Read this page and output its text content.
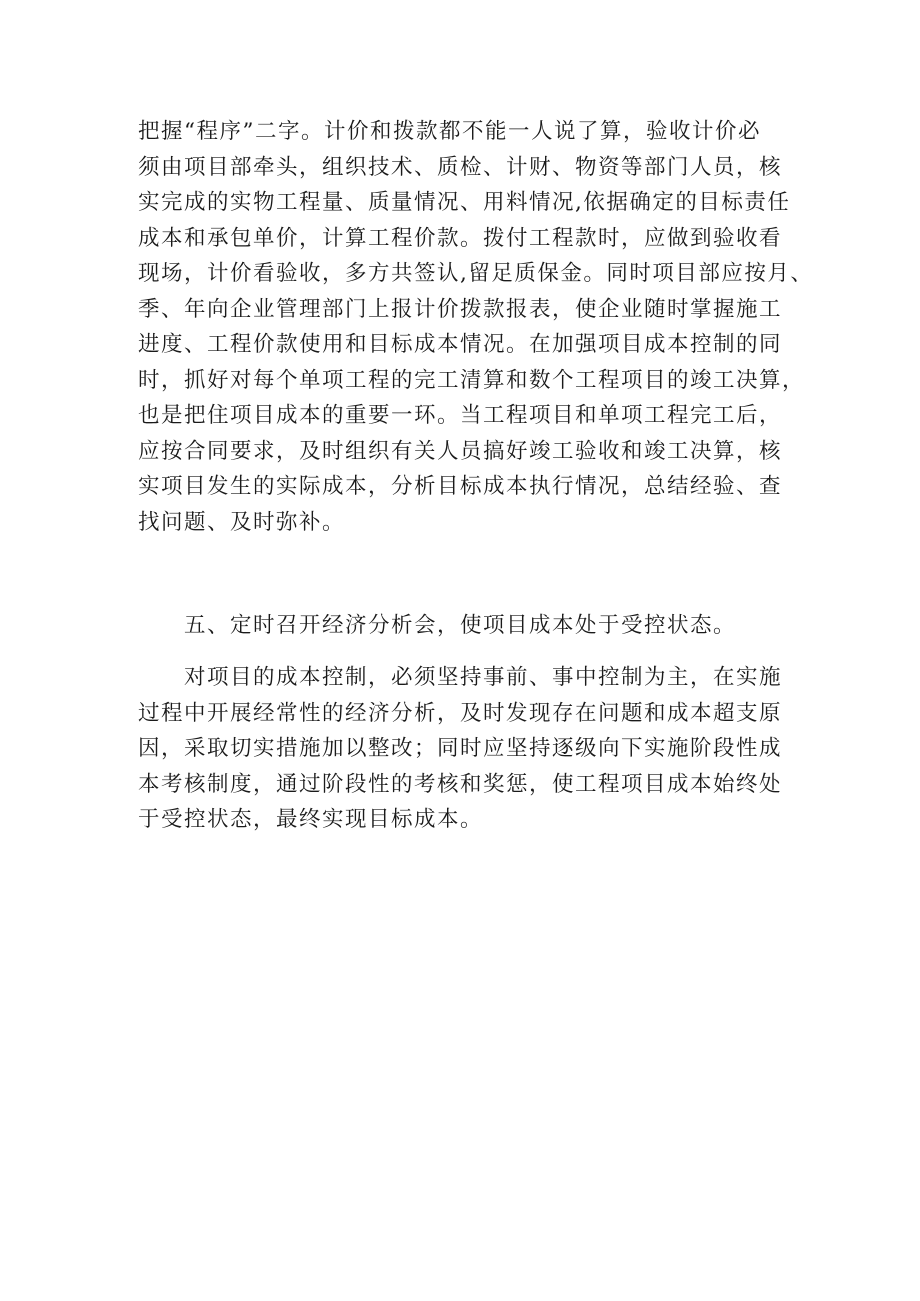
把握“程序”二字。计价和拨款都不能一人说了算，验收计价必
须由项目部牵头，组织技术、质检、计财、物资等部门人员，核
实完成的实物工程量、质量情况、用料情况,依据确定的目标责任
成本和承包单价，计算工程价款。拨付工程款时，应做到验收看
现场，计价看验收，多方共签认,留足质保金。同时项目部应按月、
季、年向企业管理部门上报计价拨款报表，使企业随时掌握施工
进度、工程价款使用和目标成本情况。在加强项目成本控制的同
时，抓好对每个单项工程的完工清算和数个工程项目的竣工决算，
也是把住项目成本的重要一环。当工程项目和单项工程完工后，
应按合同要求，及时组织有关人员搞好竣工验收和竣工决算，核
实项目发生的实际成本，分析目标成本执行情况，总结经验、查
找问题、及时弥补。
五、定时召开经济分析会，使项目成本处于受控状态。
对项目的成本控制，必须坚持事前、事中控制为主，在实施
过程中开展经常性的经济分析，及时发现存在问题和成本超支原
因，采取切实措施加以整改；同时应坚持逐级向下实施阶段性成
本考核制度，通过阶段性的考核和奖惩，使工程项目成本始终处
于受控状态，最终实现目标成本。
